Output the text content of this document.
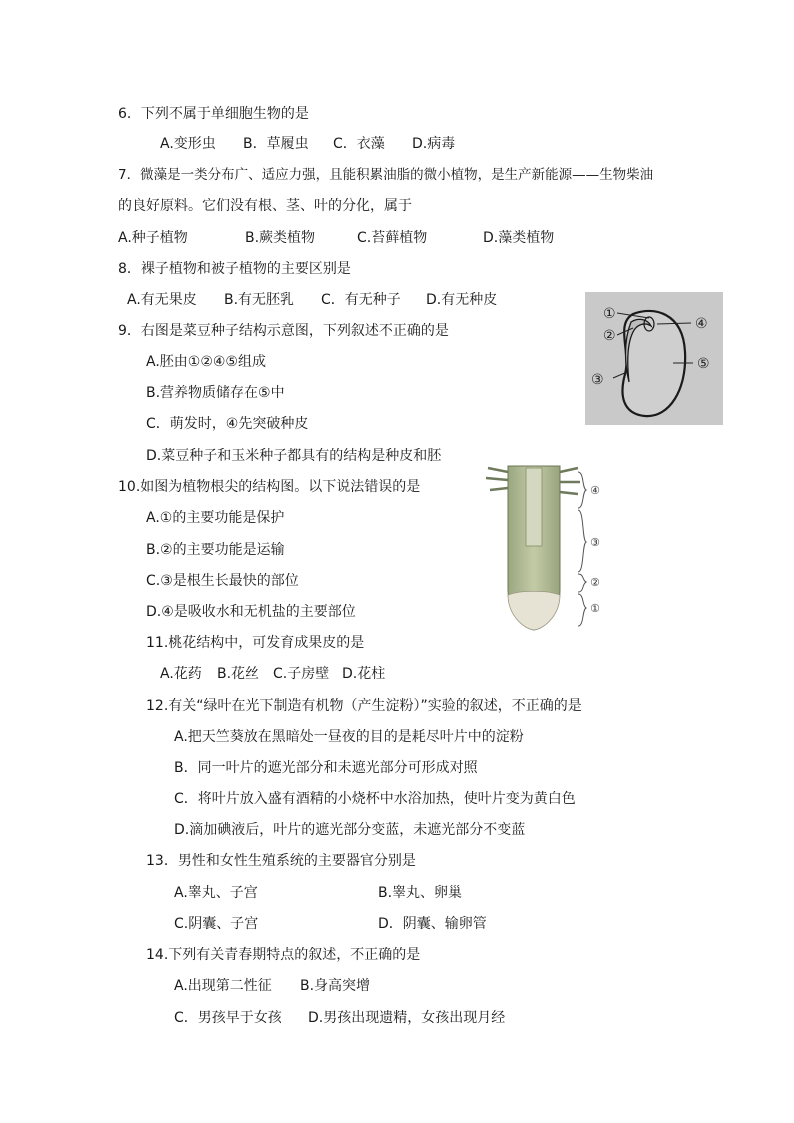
6．下列不属于单细胞生物的是
A.变形虫 B．草履虫 C．衣藻 D.病毒
7．微藻是一类分布广、适应力强，且能积累油脂的微小植物，是生产新能源——生物柴油
的良好原料。它们没有根、茎、叶的分化，属于
A.种子植物	B.蕨类植物	C.苔藓植物	D.藻类植物
8．裸子植物和被子植物的主要区别是
A.有无果皮 B.有无胚乳 C．有无种子 D.有无种皮
9．右图是菜豆种子结构示意图，下列叙述不正确的是
A.胚由①②④⑤组成
B.营养物质储存在⑤中
C．萌发时，④先突破种皮
D.菜豆种子和玉米种子都具有的结构是种皮和胚
①
②
③
④
⑤
10.如图为植物根尖的结构图。以下说法错误的是
A.①的主要功能是保护
B.②的主要功能是运输
C.③是根生长最快的部位
D.④是吸收水和无机盐的主要部位
④
③
②
①
11.桃花结构中，可发育成果皮的是
A.花药 B.花丝 C.子房壁 D.花柱
12.有关“绿叶在光下制造有机物（产生淀粉）”实验的叙述，不正确的是
A.把天竺葵放在黑暗处一昼夜的目的是耗尽叶片中的淀粉
B．同一叶片的遮光部分和未遮光部分可形成对照
C．将叶片放入盛有酒精的小烧杯中水浴加热，使叶片变为黄白色
D.滴加碘液后，叶片的遮光部分变蓝，未遮光部分不变蓝
13．男性和女性生殖系统的主要器官分别是
A.睾丸、子宫	B.睾丸、卵巢
C.阴囊、子宫	D．阴囊、输卵管
14.下列有关青春期特点的叙述，不正确的是
A.出现第二性征 B.身高突增
C．男孩早于女孩 D.男孩出现遗精，女孩出现月经
